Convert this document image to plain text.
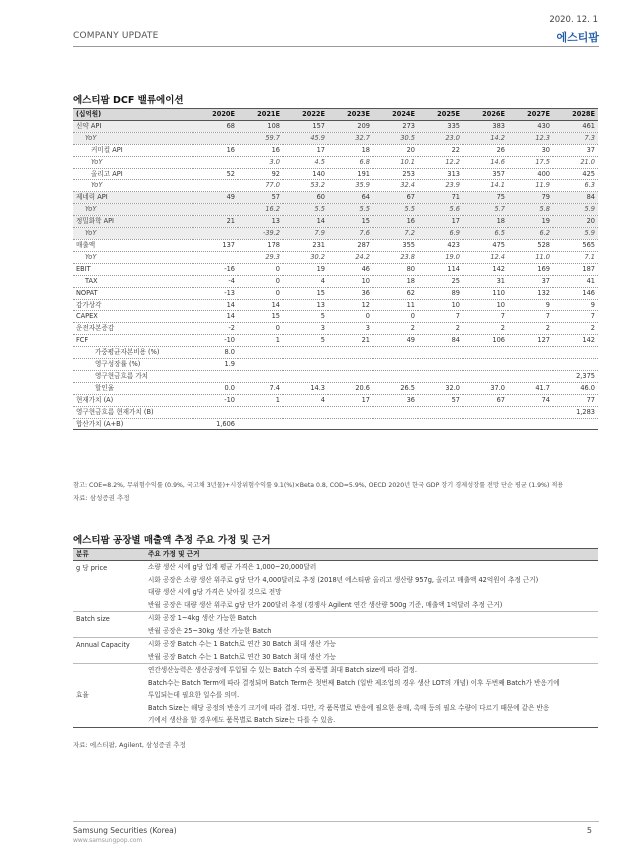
2020. 12. 1
COMPANY UPDATE	에스티팜
에스티팜 DCF 밸류에이션
(십억원)	2020E	2021E	2022E	2023E	2024E	2025E	2026E	2027E	2028E
신약 API	68	108	157	209	273	335	383	430	461
YoY		59.7	45.9	32.7	30.5	23.0	14.2	12.3	7.3
커미컬 API	16	16	17	18	20	22	26	30	37
YoY		3.0	4.5	6.8	10.1	12.2	14.6	17.5	21.0
올리고 API	52	92	140	191	253	313	357	400	425
YoY		77.0	53.2	35.9	32.4	23.9	14.1	11.9	6.3
제네릭 API	49	57	60	64	67	71	75	79	84
YoY		16.2	5.5	5.5	5.5	5.6	5.7	5.8	5.9
정밀화학 API	21	13	14	15	16	17	18	19	20
YoY		-39.2	7.9	7.6	7.2	6.9	6.5	6.2	5.9
매출액	137	178	231	287	355	423	475	528	565
YoY		29.3	30.2	24.2	23.8	19.0	12.4	11.0	7.1
EBIT	-16	0	19	46	80	114	142	169	187
TAX	-4	0	4	10	18	25	31	37	41
NOPAT	-13	0	15	36	62	89	110	132	146
감가상각	14	14	13	12	11	10	10	9	9
CAPEX	14	15	5	0	0	7	7	7	7
운전자본증감	-2	0	3	3	2	2	2	2	2
FCF	-10	1	5	21	49	84	106	127	142
가중평균자본비용 (%)	8.0								
영구성장률 (%)	1.9								
영구현금흐름 가치									2,375
할인율	0.0	7.4	14.3	20.6	26.5	32.0	37.0	41.7	46.0
현재가치 (A)	-10	1	4	17	36	57	67	74	77
영구현금흐름 현재가치 (B)									1,283
합산가치 (A+B)	1,606								
참고: COE=8.2%, 무위험수익률 (0.9%, 국고채 3년물)+시장위험수익률 9.1(%)×Beta 0.8, COD=5.9%, OECD 2020년 한국 GDP 장기 경제성장률 전망 단순 평균 (1.9%) 적용
자료: 삼성증권 추정
에스티팜 공장별 매출액 추정 주요 가정 및 근거
분류	주요 가정 및 근거
g 당 price	소량 생산 시에 g당 업계 평균 가격은 1,000~20,000달러
시화 공장은 소량 생산 위주로 g당 단가 4,000달러로 추정 (2018년 에스티팜 올리고 생산량 957g, 올리고 매출액 42억원이 추정 근거)
대량 생산 시에 g당 가격은 낮아질 것으로 전망
반월 공장은 대량 생산 위주로 g당 단가 200달러 추정 (경쟁사 Agilent 연간 생산량 500g 기준, 매출액 1억달러 추정 근거)

Batch size	시화 공장 1~4kg 생산 가능한 Batch
반월 공장은 25~30kg 생산 가능한 Batch

Annual Capacity	시화 공장 Batch 수는 1 Batch로 연간 30 Batch 최대 생산 가능
반월 공장 Batch 수는 1 Batch로 연간 30 Batch 최대 생산 가능

효율	연간생산능력은 생산공정에 투입될 수 있는 Batch 수의 품목별 최대 Batch size에 따라 결정.
Batch수는 Batch Term에 따라 결정되며 Batch Term은 첫번째 Batch (일반 제조업의 경우 생산 LOT의 개념) 이후 두번째 Batch가 반응기에
투입되는데 필요한 일수를 의미.
Batch Size는 해당 공정의 반응기 크기에 따라 결정. 다만, 각 품목별로 반응에 필요한 용매, 촉매 등의 필요 수량이 다르기 때문에 같은 반응
기에서 생산을 할 경우에도 품목별로 Batch Size는 다를 수 있음.
자료: 에스티팜, Agilent, 삼성증권 추정
Samsung Securities (Korea)
www.samsungpop.com
5
